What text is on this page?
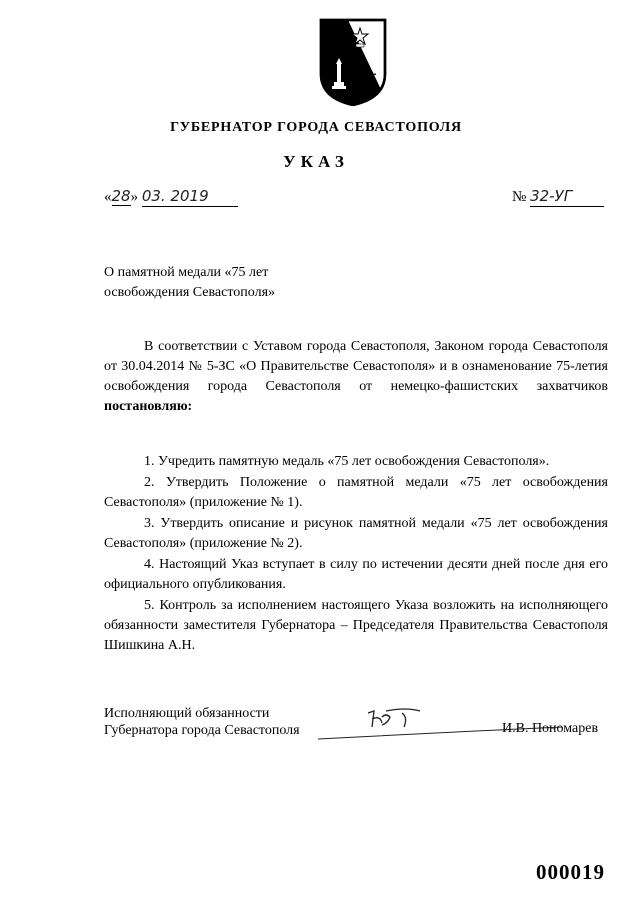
ГУБЕРНАТОР ГОРОДА СЕВАСТОПОЛЯ
УКАЗ
«28» 03. 2019	№ 32-УГ
О памятной медали «75 лет
освобождения Севастополя»
В соответствии с Уставом города Севастополя, Законом города Севастополя от 30.04.2014 № 5-ЗС «О Правительстве Севастополя» и в ознаменование 75-летия освобождения города Севастополя от немецко-фашистских захватчиков постановляю:

1. Учредить памятную медаль «75 лет освобождения Севастополя».

2. Утвердить Положение о памятной медали «75 лет освобождения Севастополя» (приложение № 1).

3. Утвердить описание и рисунок памятной медали «75 лет освобождения Севастополя» (приложение № 2).

4. Настоящий Указ вступает в силу по истечении десяти дней после дня его официального опубликования.

5. Контроль за исполнением настоящего Указа возложить на исполняющего обязанности заместителя Губернатора – Председателя Правительства Севастополя Шишкина А.Н.

Исполняющий обязанности
Губернатора города Севастополя	И.В. Пономарев
000019
